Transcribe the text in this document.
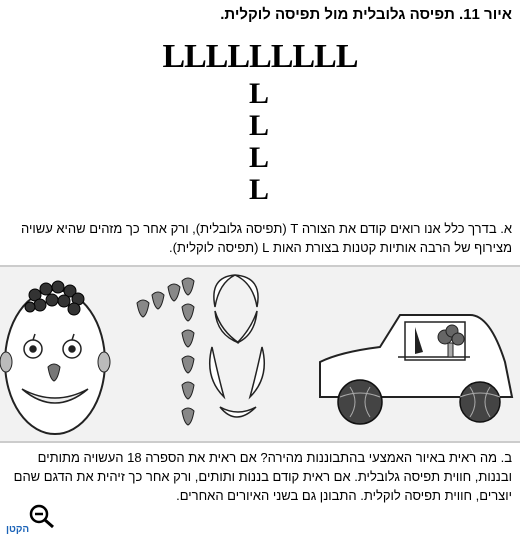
איור 11. תפיסה גלובלית מול תפיסה לוקלית.
LLLLLLLLL
L
L
L
L
א. בדרך כלל אנו רואים קודם את הצורה T (תפיסה גלובלית), ורק אחר כך מזהים שהיא עשויה מצירוף של הרבה אותיות קטנות בצורת האות L (תפיסה לוקלית).
ב. מה ראית באיור האמצעי בהתבוננות מהירה? אם ראית את הספרה 18 העשויה מתותים ובננות, חווית תפיסה גלובלית. אם ראית קודם בננות ותותים, ורק אחר כך זיהית את הדגם שהם יוצרים, חווית תפיסה לוקלית. התבונן גם בשני האיורים האחרים.
הקטן
